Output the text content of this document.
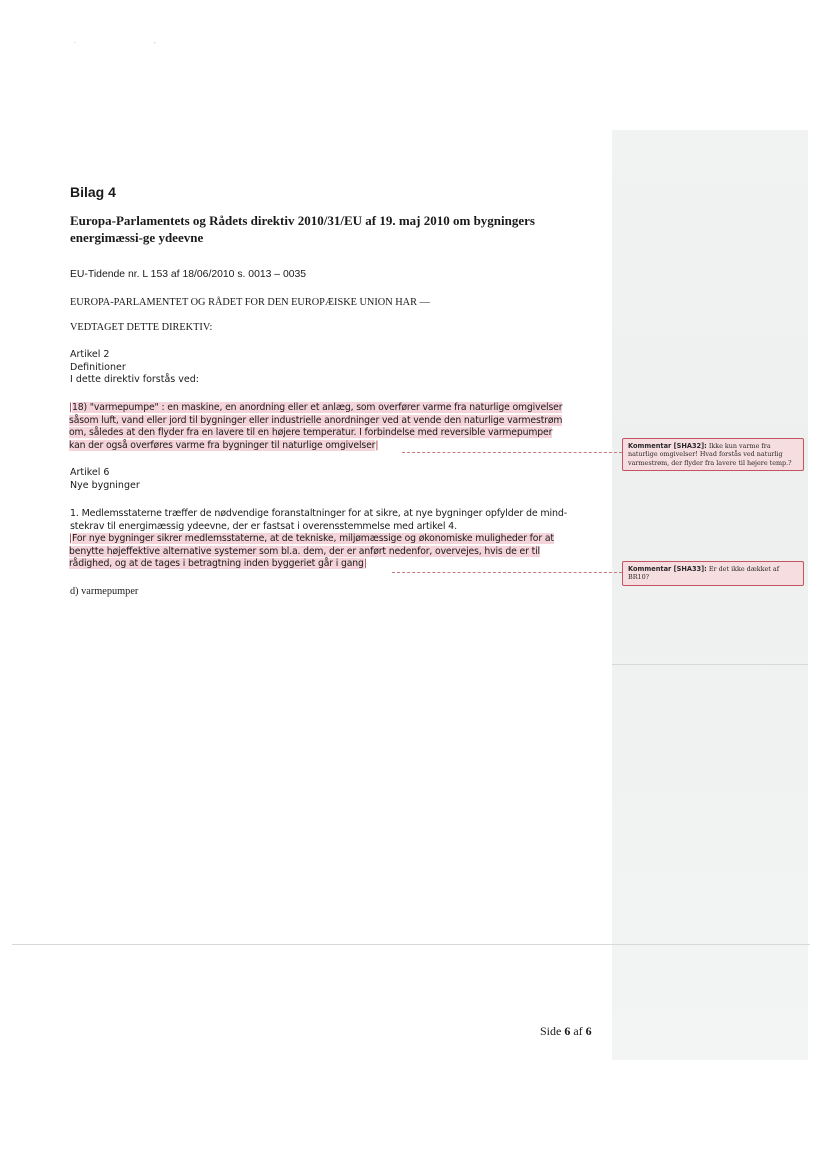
. ,
Bilag 4
Europa-Parlamentets og Rådets direktiv 2010/31/EU af 19. maj 2010 om bygningers energimæssi-ge ydeevne
EU-Tidende nr. L 153 af 18/06/2010 s. 0013 – 0035
EUROPA-PARLAMENTET OG RÅDET FOR DEN EUROPÆISKE UNION HAR —
VEDTAGET DETTE DIREKTIV:
Artikel 2
Definitioner
I dette direktiv forstås ved:
|18) "varmepumpe" : en maskine, en anordning eller et anlæg, som overfører varme fra naturlige omgivelser
såsom luft, vand eller jord til bygninger eller industrielle anordninger ved at vende den naturlige varmestrøm
om, således at den flyder fra en lavere til en højere temperatur. I forbindelse med reversible varmepumper
kan der også overføres varme fra bygninger til naturlige omgivelser|
Artikel 6
Nye bygninger
1. Medlemsstaterne træffer de nødvendige foranstaltninger for at sikre, at nye bygninger opfylder de mind-
stekrav til energimæssig ydeevne, der er fastsat i overensstemmelse med artikel 4.
|For nye bygninger sikrer medlemsstaterne, at de tekniske, miljømæssige og økonomiske muligheder for at
benytte højeffektive alternative systemer som bl.a. dem, der er anført nedenfor, overvejes, hvis de er til
rådighed, og at de tages i betragtning inden byggeriet går i gang|
d) varmepumper
Kommentar [SHA32]: Ikke kun varme fra naturlige omgivelser! Hvad forstås ved naturlig varmestrøm, der flyder fra lavere til højere temp.?
Kommentar [SHA33]: Er det ikke dækket af BR10?
Side 6 af 6
